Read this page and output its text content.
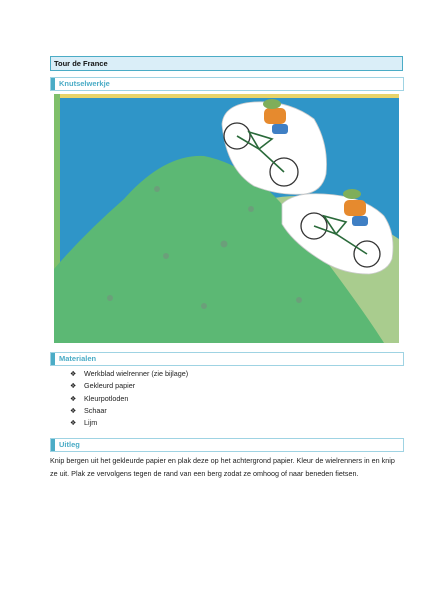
Tour de France
Knutselwerkje
Materialen
❖ Werkblad wielrenner (zie bijlage)
❖ Gekleurd papier
❖ Kleurpotloden
❖ Schaar
❖ Lijm
Uitleg
Knip bergen uit het gekleurde papier en plak deze op het achtergrond papier. Kleur de wielrenners in en knip ze uit. Plak ze vervolgens tegen de rand van een berg zodat ze omhoog of naar beneden fietsen.
